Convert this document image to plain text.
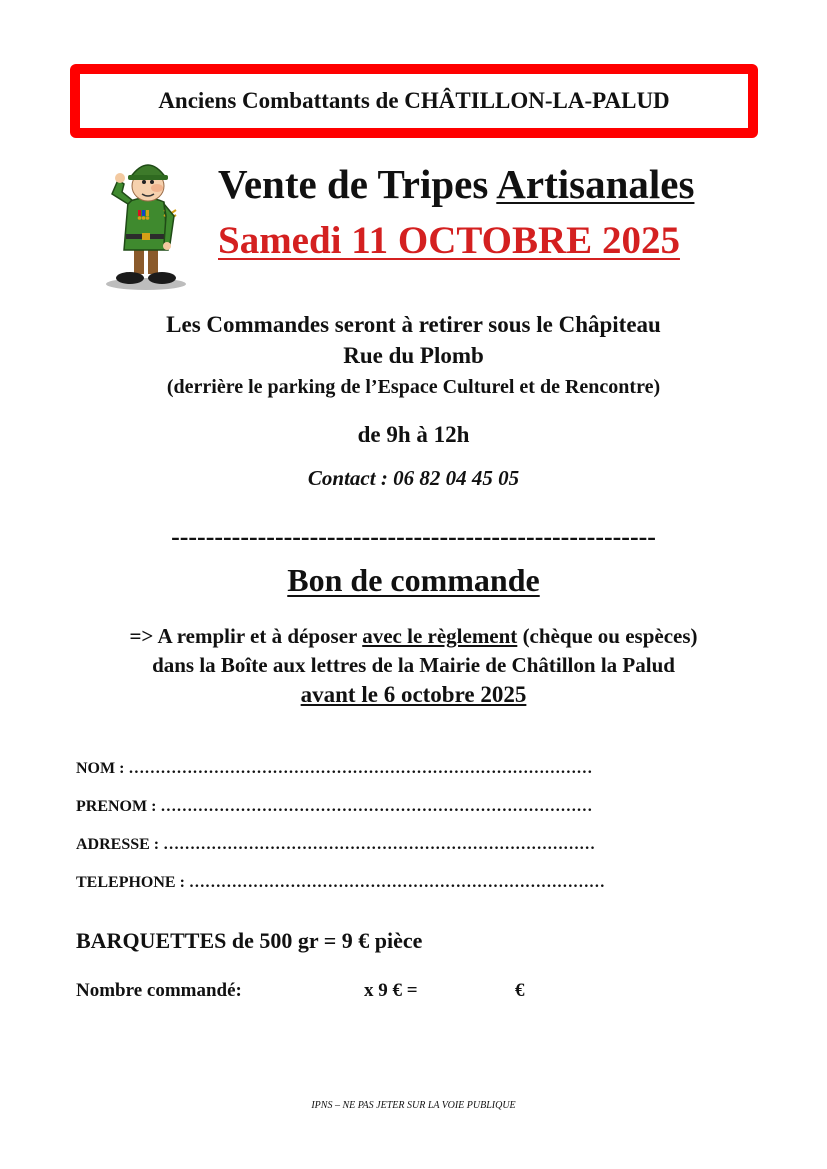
Anciens Combattants de CHÂTILLON-LA-PALUD
Vente de Tripes Artisanales
Samedi 11 OCTOBRE 2025
Les Commandes seront à retirer sous le Châpiteau
Rue du Plomb
(derrière le parking de l’Espace Culturel et de Rencontre)
de 9h à 12h
Contact : 06 82 04 45 05
--------------------------------------------------------
Bon de commande
=> A remplir et à déposer avec le règlement (chèque ou espèces)
dans la Boîte aux lettres de la Mairie de Châtillon la Palud
avant le 6 octobre 2025
NOM : ……………………………………………………………………………
PRENOM : ………………………………………………………………………
ADRESSE : ………………………………………………………………………
TELEPHONE : ……………………………………………………………………
BARQUETTES de 500 gr = 9 € pièce
Nombre commandé:	x 9 € =	€
IPNS – NE PAS JETER SUR LA VOIE PUBLIQUE
